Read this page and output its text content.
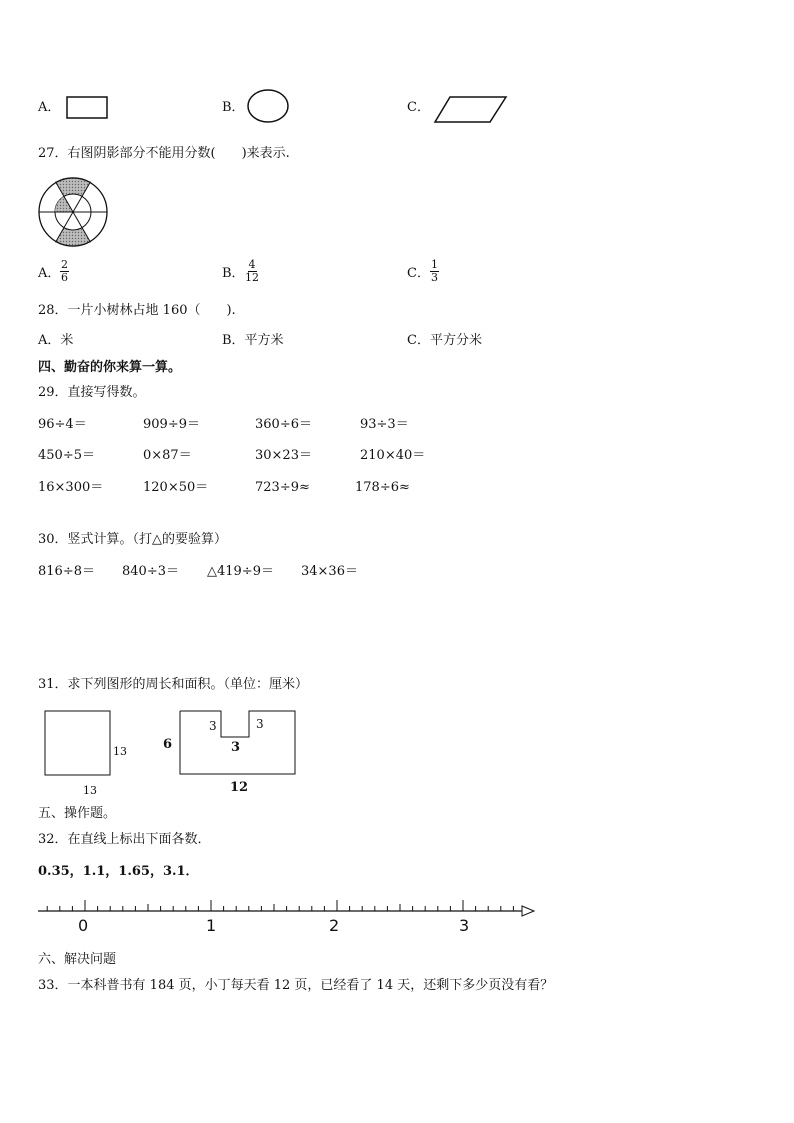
A．	B．	C．
27．右图阴影部分不能用分数(　　)来表示.
A． $\frac{2}{6}$	B． $\frac{4}{12}$	C． $\frac{1}{3}$
28．一片小树林占地 160（　　).
A．米	B．平方米	C．平方分米
四、勤奋的你来算一算。
29．直接写得数。
96÷4＝	909÷9＝	360÷6＝	93÷3＝
450÷5＝	0×87＝	30×23＝	210×40＝
16×300＝	120×50＝	723÷9≈	178÷6≈
30．竖式计算。（打△的要验算）
816÷8＝ 840÷3＝ △419÷9＝ 34×36＝
31．求下列图形的周长和面积。（单位：厘米）
13
13
6
3	3
3
12
五、操作题。
32．在直线上标出下面各数．
0.35，1.1，1.65，3.1．
0	1	2	3
六、解决问题
33．一本科普书有 184 页，小丁每天看 12 页，已经看了 14 天，还剩下多少页没有看？
